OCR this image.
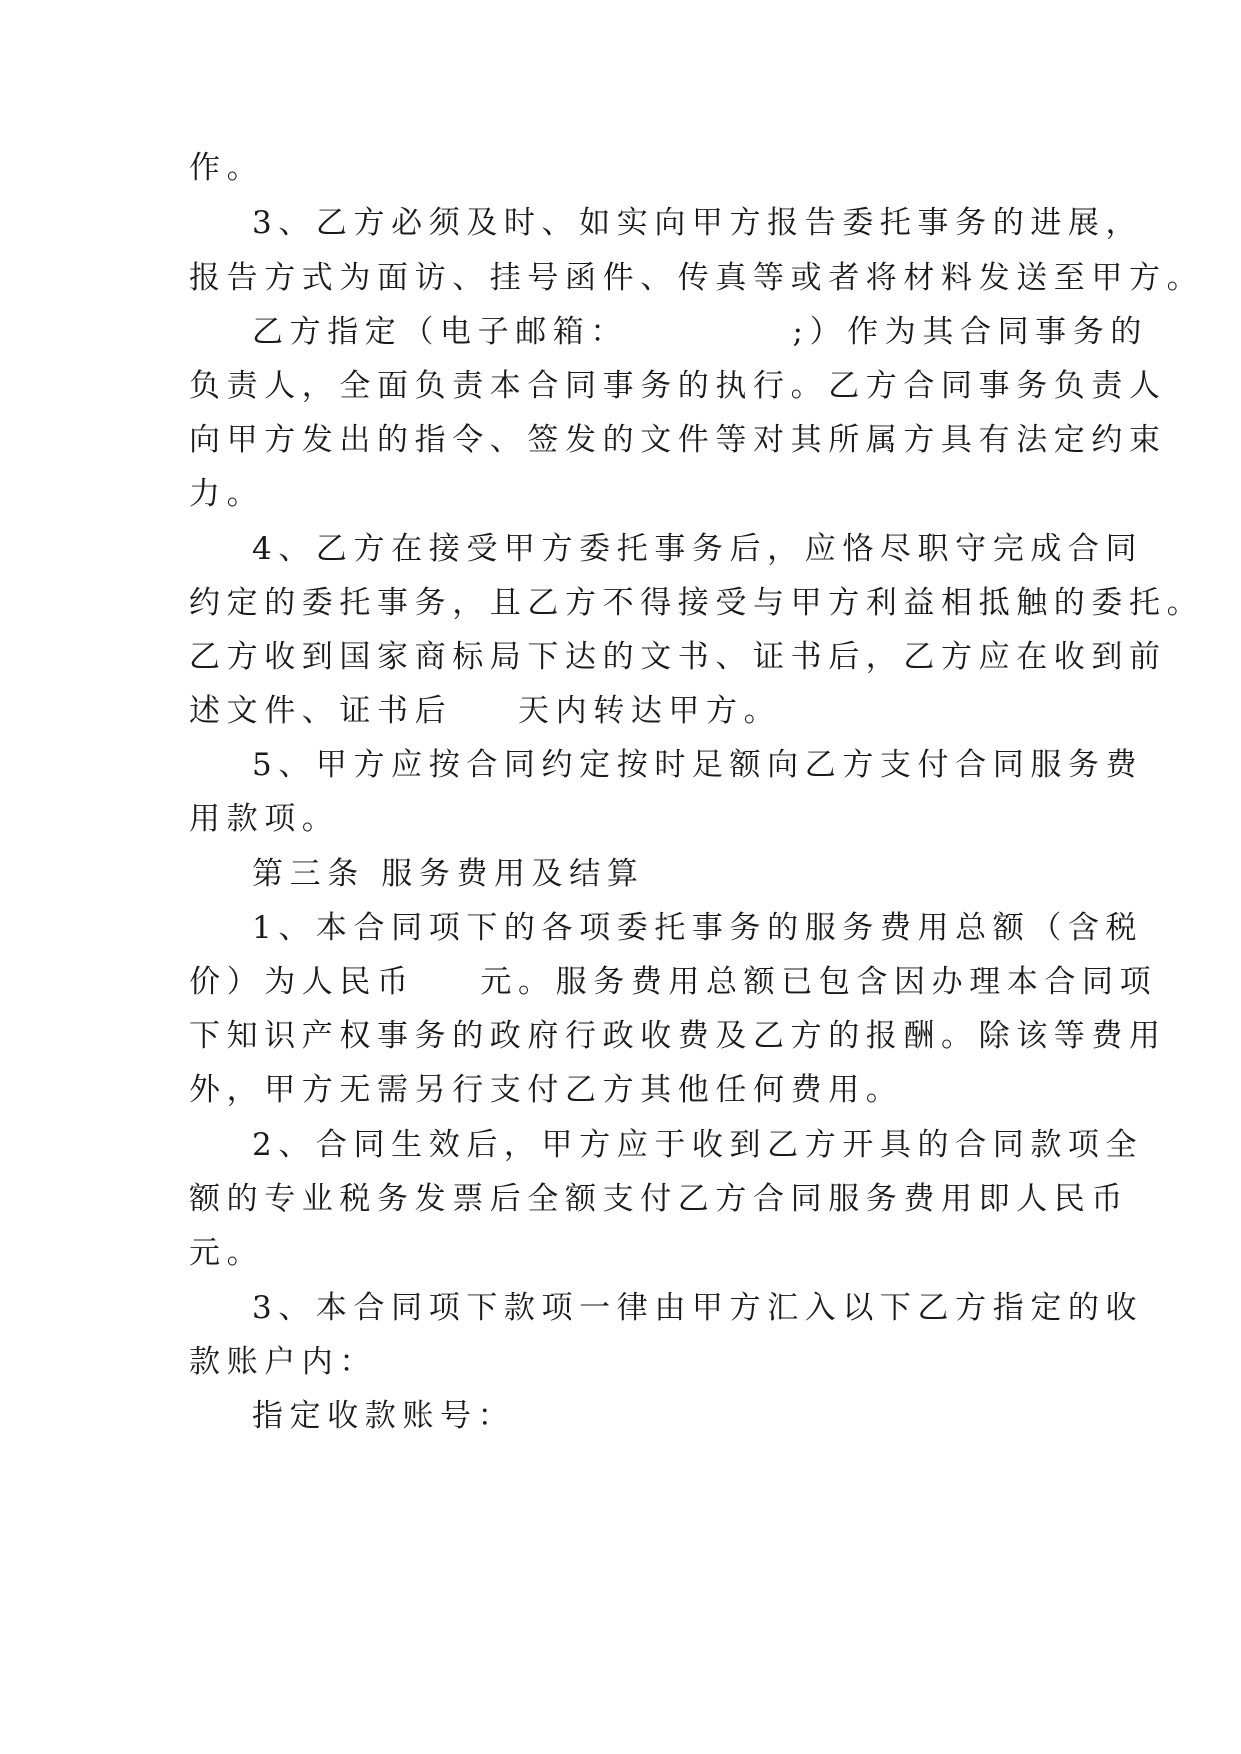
作。
3、乙方必须及时、如实向甲方报告委托事务的进展，
报告方式为面访、挂号函件、传真等或者将材料发送至甲方。
乙方指定（电子邮箱：          ;）作为其合同事务的
负责人，全面负责本合同事务的执行。乙方合同事务负责人
向甲方发出的指令、签发的文件等对其所属方具有法定约束
力。
4、乙方在接受甲方委托事务后，应恪尽职守完成合同
约定的委托事务，且乙方不得接受与甲方利益相抵触的委托。
乙方收到国家商标局下达的文书、证书后，乙方应在收到前
述文件、证书后    天内转达甲方。
5、甲方应按合同约定按时足额向乙方支付合同服务费
用款项。
第三条 服务费用及结算
1、本合同项下的各项委托事务的服务费用总额（含税
价）为人民币    元。服务费用总额已包含因办理本合同项
下知识产权事务的政府行政收费及乙方的报酬。除该等费用
外，甲方无需另行支付乙方其他任何费用。
2、合同生效后，甲方应于收到乙方开具的合同款项全
额的专业税务发票后全额支付乙方合同服务费用即人民币
元。
3、本合同项下款项一律由甲方汇入以下乙方指定的收
款账户内：
指定收款账号：
